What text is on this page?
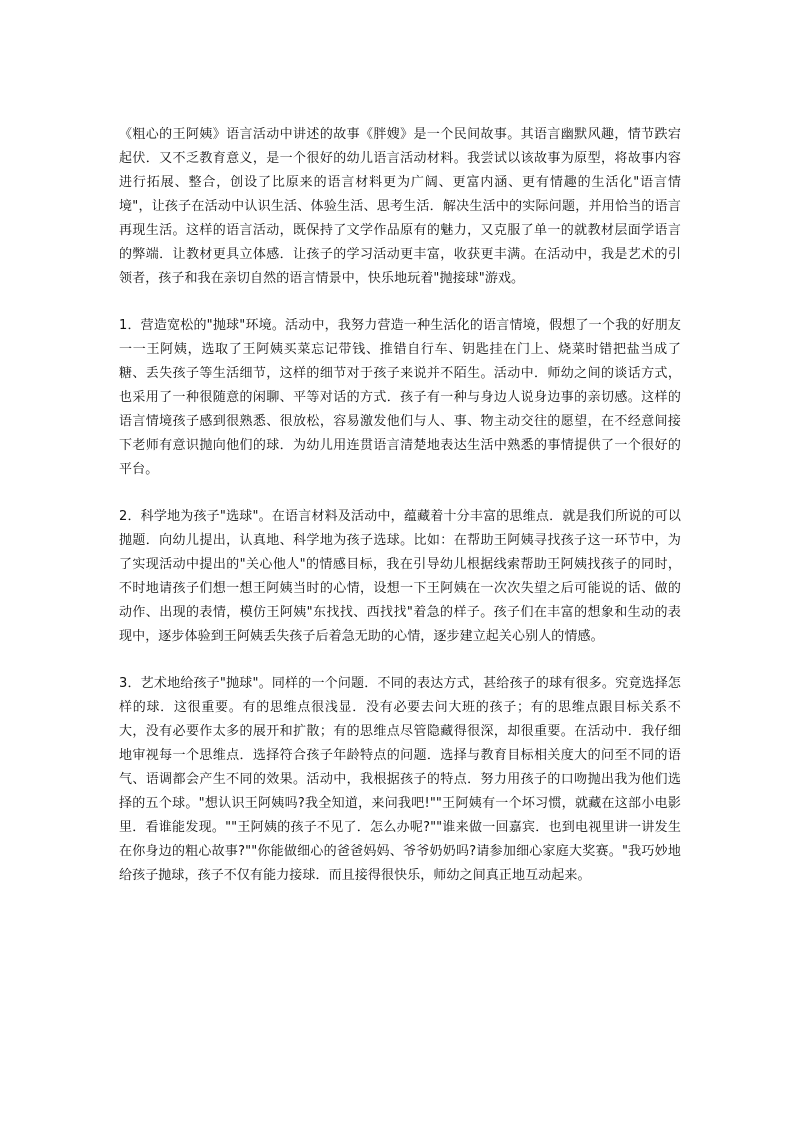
《粗心的王阿姨》语言活动中讲述的故事《胖嫂》是一个民间故事。其语言幽默风趣，情节跌宕起伏．又不乏教育意义，是一个很好的幼儿语言活动材料。我尝试以该故事为原型，将故事内容进行拓展、整合，创设了比原来的语言材料更为广阔、更富内涵、更有情趣的生活化"语言情境"，让孩子在活动中认识生活、体验生活、思考生活．解决生活中的实际问题，并用恰当的语言再现生活。这样的语言活动，既保持了文学作品原有的魅力，又克服了单一的就教材层面学语言的弊端．让教材更具立体感．让孩子的学习活动更丰富，收获更丰满。在活动中，我是艺术的引领者，孩子和我在亲切自然的语言情景中，快乐地玩着"抛接球"游戏。

1．营造宽松的"抛球"环境。活动中，我努力营造一种生活化的语言情境，假想了一个我的好朋友一一王阿姨，选取了王阿姨买菜忘记带钱、推错自行车、钥匙挂在门上、烧菜时错把盐当成了糖、丢失孩子等生活细节，这样的细节对于孩子来说并不陌生。活动中．师幼之间的谈话方式，也采用了一种很随意的闲聊、平等对话的方式．孩子有一种与身边人说身边事的亲切感。这样的语言情境孩子感到很熟悉、很放松，容易激发他们与人、事、物主动交往的愿望，在不经意间接下老师有意识抛向他们的球．为幼儿用连贯语言清楚地表达生活中熟悉的事情提供了一个很好的平台。

2．科学地为孩子"选球"。在语言材料及活动中，蕴藏着十分丰富的思维点．就是我们所说的可以抛题．向幼儿提出，认真地、科学地为孩子选球。比如：在帮助王阿姨寻找孩子这一环节中，为了实现活动中提出的"关心他人"的情感目标，我在引导幼儿根据线索帮助王阿姨找孩子的同时，不时地请孩子们想一想王阿姨当时的心情，设想一下王阿姨在一次次失望之后可能说的话、做的动作、出现的表情，模仿王阿姨"东找找、西找找"着急的样子。孩子们在丰富的想象和生动的表现中，逐步体验到王阿姨丢失孩子后着急无助的心情，逐步建立起关心别人的情感。

3．艺术地给孩子"抛球"。同样的一个问题．不同的表达方式，甚给孩子的球有很多。究竟选择怎样的球．这很重要。有的思维点很浅显．没有必要去问大班的孩子；有的思维点跟目标关系不大，没有必要作太多的展开和扩散；有的思维点尽管隐藏得很深，却很重要。在活动中．我仔细地审视每一个思维点．选择符合孩子年龄特点的问题．选择与教育目标相关度大的问至不同的语气、语调都会产生不同的效果。活动中，我根据孩子的特点．努力用孩子的口吻抛出我为他们选择的五个球。"想认识王阿姨吗?我全知道，来问我吧!""王阿姨有一个坏习惯，就藏在这部小电影里．看谁能发现。""王阿姨的孩子不见了．怎么办呢?""谁来做一回嘉宾．也到电视里讲一讲发生在你身边的粗心故事?""你能做细心的爸爸妈妈、爷爷奶奶吗?请参加细心家庭大奖赛。"我巧妙地给孩子抛球，孩子不仅有能力接球．而且接得很快乐，师幼之间真正地互动起来。
